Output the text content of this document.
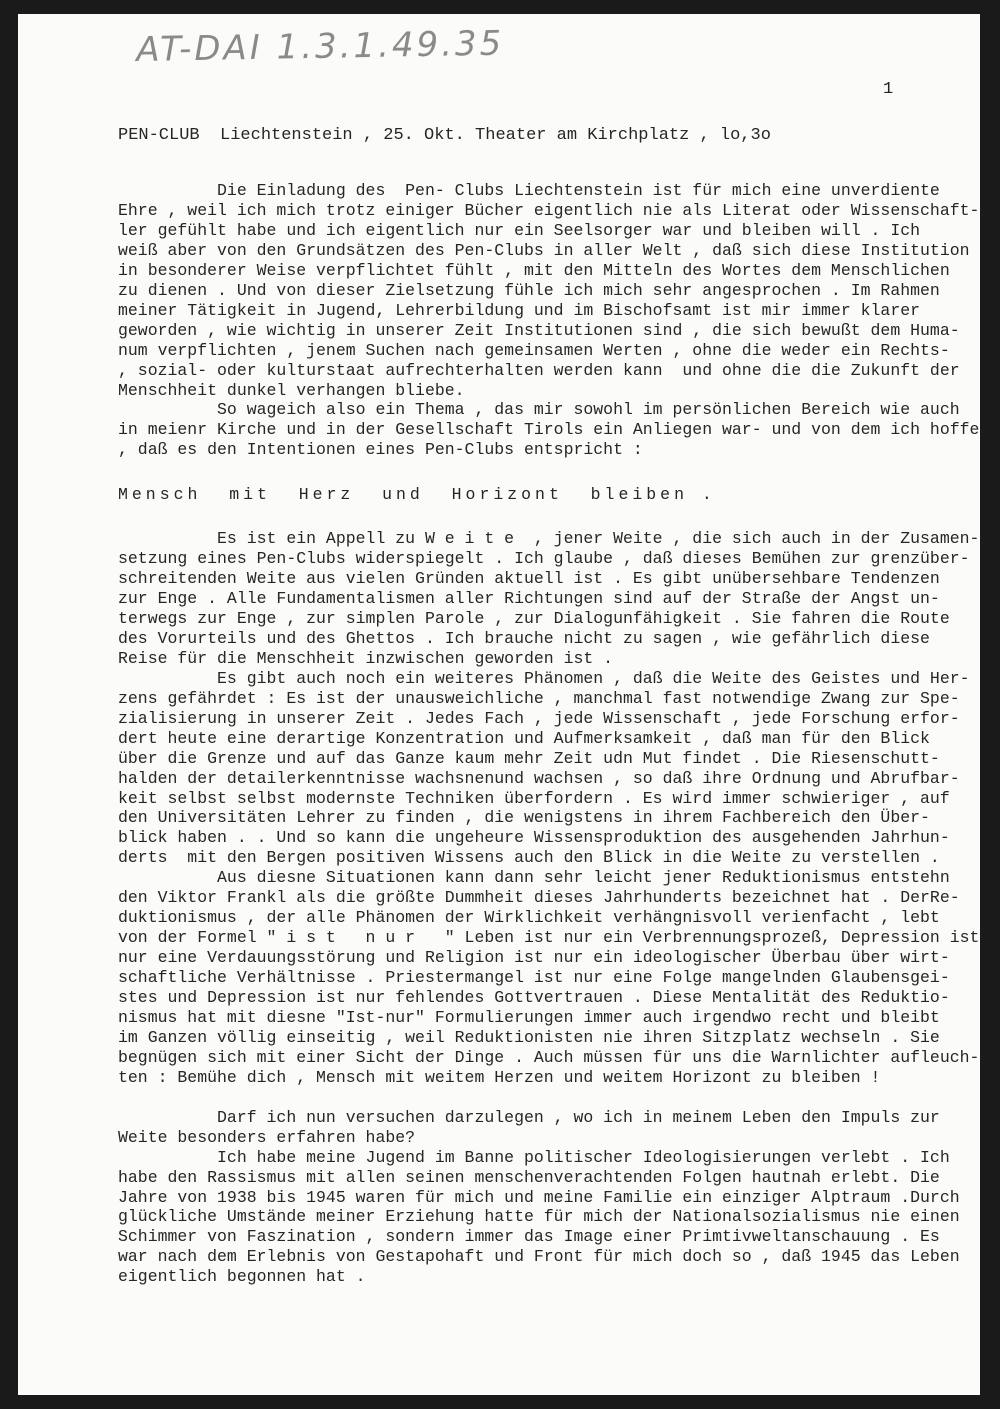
AT-DAI 1.3.1.49.35
1
PEN-CLUB  Liechtenstein , 25. Okt. Theater am Kirchplatz , lo,3o
Die Einladung des  Pen- Clubs Liechtenstein ist für mich eine unverdiente
Ehre , weil ich mich trotz einiger Bücher eigentlich nie als Literat oder Wissenschaft-
ler gefühlt habe und ich eigentlich nur ein Seelsorger war und bleiben will . Ich
weiß aber von den Grundsätzen des Pen-Clubs in aller Welt , daß sich diese Institution
in besonderer Weise verpflichtet fühlt , mit den Mitteln des Wortes dem Menschlichen
zu dienen . Und von dieser Zielsetzung fühle ich mich sehr angesprochen . Im Rahmen
meiner Tätigkeit in Jugend, Lehrerbildung und im Bischofsamt ist mir immer klarer
geworden , wie wichtig in unserer Zeit Institutionen sind , die sich bewußt dem Huma-
num verpflichten , jenem Suchen nach gemeinsamen Werten , ohne die weder ein Rechts-
, sozial- oder kulturstaat aufrechterhalten werden kann  und ohne die die Zukunft der
Menschheit dunkel verhangen bliebe.
So wageich also ein Thema , das mir sowohl im persönlichen Bereich wie auch
in meienr Kirche und in der Gesellschaft Tirols ein Anliegen war- und von dem ich hoffe
, daß es den Intentionen eines Pen-Clubs entspricht :
Mensch  mit  Herz  und  Horizont  bleiben .
Es ist ein Appell zu W e i t e  , jener Weite , die sich auch in der Zusamen-
setzung eines Pen-Clubs widerspiegelt . Ich glaube , daß dieses Bemühen zur grenzüber-
schreitenden Weite aus vielen Gründen aktuell ist . Es gibt unübersehbare Tendenzen
zur Enge . Alle Fundamentalismen aller Richtungen sind auf der Straße der Angst un-
terwegs zur Enge , zur simplen Parole , zur Dialogunfähigkeit . Sie fahren die Route
des Vorurteils und des Ghettos . Ich brauche nicht zu sagen , wie gefährlich diese
Reise für die Menschheit inzwischen geworden ist .
Es gibt auch noch ein weiteres Phänomen , daß die Weite des Geistes und Her-
zens gefährdet : Es ist der unausweichliche , manchmal fast notwendige Zwang zur Spe-
zialisierung in unserer Zeit . Jedes Fach , jede Wissenschaft , jede Forschung erfor-
dert heute eine derartige Konzentration und Aufmerksamkeit , daß man für den Blick
über die Grenze und auf das Ganze kaum mehr Zeit udn Mut findet . Die Riesenschutt-
halden der detailerkenntnisse wachsnenund wachsen , so daß ihre Ordnung und Abrufbar-
keit selbst selbst modernste Techniken überfordern . Es wird immer schwieriger , auf
den Universitäten Lehrer zu finden , die wenigstens in ihrem Fachbereich den Über-
blick haben . . Und so kann die ungeheure Wissensproduktion des ausgehenden Jahrhun-
derts  mit den Bergen positiven Wissens auch den Blick in die Weite zu verstellen .
Aus diesne Situationen kann dann sehr leicht jener Reduktionismus entstehn
den Viktor Frankl als die größte Dummheit dieses Jahrhunderts bezeichnet hat . DerRe-
duktionismus , der alle Phänomen der Wirklichkeit verhängnisvoll verienfacht , lebt
von der Formel " i s t   n u r   " Leben ist nur ein Verbrennungsprozeß, Depression ist
nur eine Verdauungsstörung und Religion ist nur ein ideologischer Überbau über wirt-
schaftliche Verhältnisse . Priestermangel ist nur eine Folge mangelnden Glaubensgei-
stes und Depression ist nur fehlendes Gottvertrauen . Diese Mentalität des Reduktio-
nismus hat mit diesne "Ist-nur" Formulierungen immer auch irgendwo recht und bleibt
im Ganzen völlig einseitig , weil Reduktionisten nie ihren Sitzplatz wechseln . Sie
begnügen sich mit einer Sicht der Dinge . Auch müssen für uns die Warnlichter aufleuch-
ten : Bemühe dich , Mensch mit weitem Herzen und weitem Horizont zu bleiben !
Darf ich nun versuchen darzulegen , wo ich in meinem Leben den Impuls zur
Weite besonders erfahren habe?
Ich habe meine Jugend im Banne politischer Ideologisierungen verlebt . Ich
habe den Rassismus mit allen seinen menschenverachtenden Folgen hautnah erlebt. Die
Jahre von 1938 bis 1945 waren für mich und meine Familie ein einziger Alptraum .Durch
glückliche Umstände meiner Erziehung hatte für mich der Nationalsozialismus nie einen
Schimmer von Faszination , sondern immer das Image einer Primtivweltanschauung . Es
war nach dem Erlebnis von Gestapohaft und Front für mich doch so , daß 1945 das Leben
eigentlich begonnen hat .
